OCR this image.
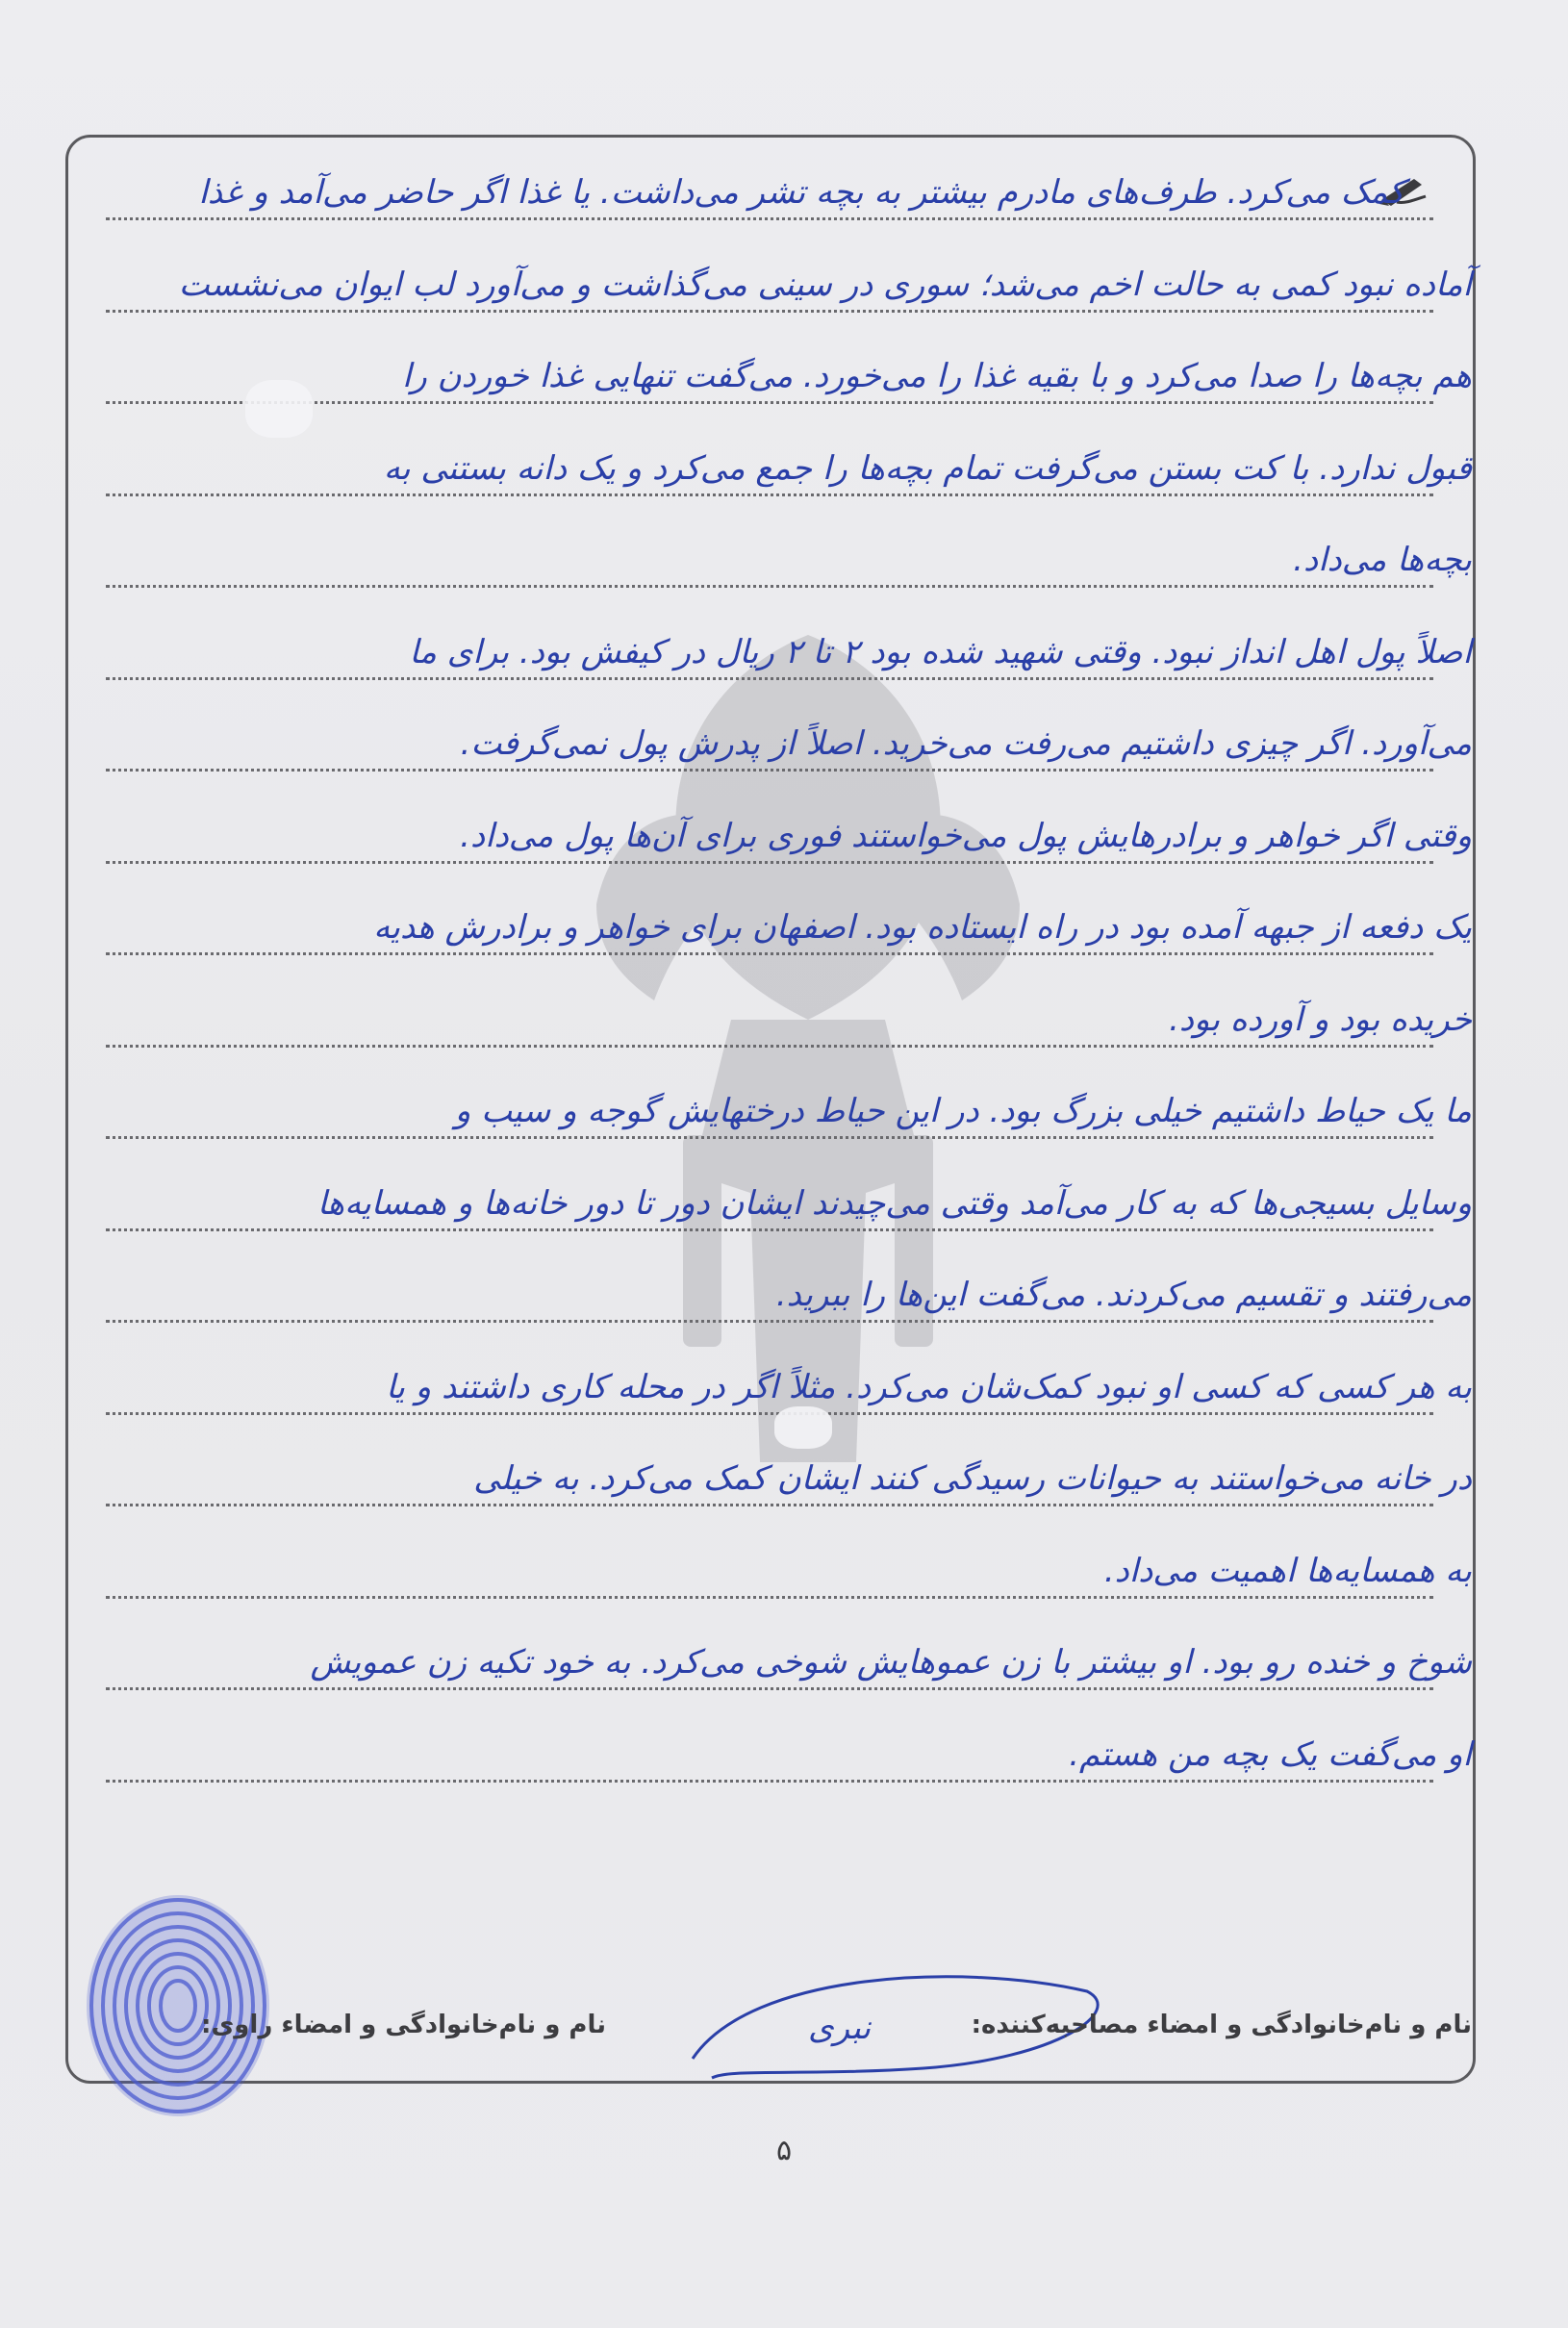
کمک می‌کرد. طرف‌های مادرم بیشتر به بچه تشر می‌داشت. یا غذا اگر حاضر می‌آمد و غذا
آماده نبود کمی به حالت اخم می‌شد؛ سوری در سینی می‌گذاشت و می‌آورد لب ایوان می‌نشست
هم بچه‌ها را صدا می‌کرد و با بقیه غذا را می‌خورد. می‌گفت تنهایی غذا خوردن را
قبول ندارد. با کت بستن می‌گرفت تمام بچه‌ها را جمع می‌کرد و یک دانه بستنی به
بچه‌ها می‌داد.
اصلاً پول اهل انداز نبود. وقتی شهید شده بود ۲ تا ۲ ریال در کیفش بود. برای ما
می‌آورد. اگر چیزی داشتیم می‌رفت می‌خرید. اصلاً از پدرش پول نمی‌گرفت.
وقتی اگر خواهر و برادرهایش پول می‌خواستند فوری برای آن‌ها پول می‌داد.
یک دفعه از جبهه آمده بود در راه ایستاده بود. اصفهان برای خواهر و برادرش هدیه
خریده بود و آورده بود.
ما یک حیاط داشتیم خیلی بزرگ بود. در این حیاط درختهایش گوجه و سیب و
وسایل بسیجی‌ها که به کار می‌آمد وقتی می‌چیدند ایشان دور تا دور خانه‌ها و همسایه‌ها
می‌رفتند و تقسیم می‌کردند. می‌گفت این‌ها را ببرید.
به هر کسی که کسی او نبود کمک‌شان می‌کرد. مثلاً اگر در محله کاری داشتند و یا
در خانه می‌خواستند به حیوانات رسیدگی کنند ایشان کمک می‌کرد. به خیلی
به همسایه‌ها اهمیت می‌داد.
شوخ و خنده رو بود. او بیشتر با زن عموهایش شوخی می‌کرد. به خود تکیه زن عمویش
او می‌گفت یک بچه من هستم.
نام و نام‌خانوادگی و امضاء مصاحبه‌کننده:
نام و نام‌خانوادگی و امضاء راوی:	نبری
۵
